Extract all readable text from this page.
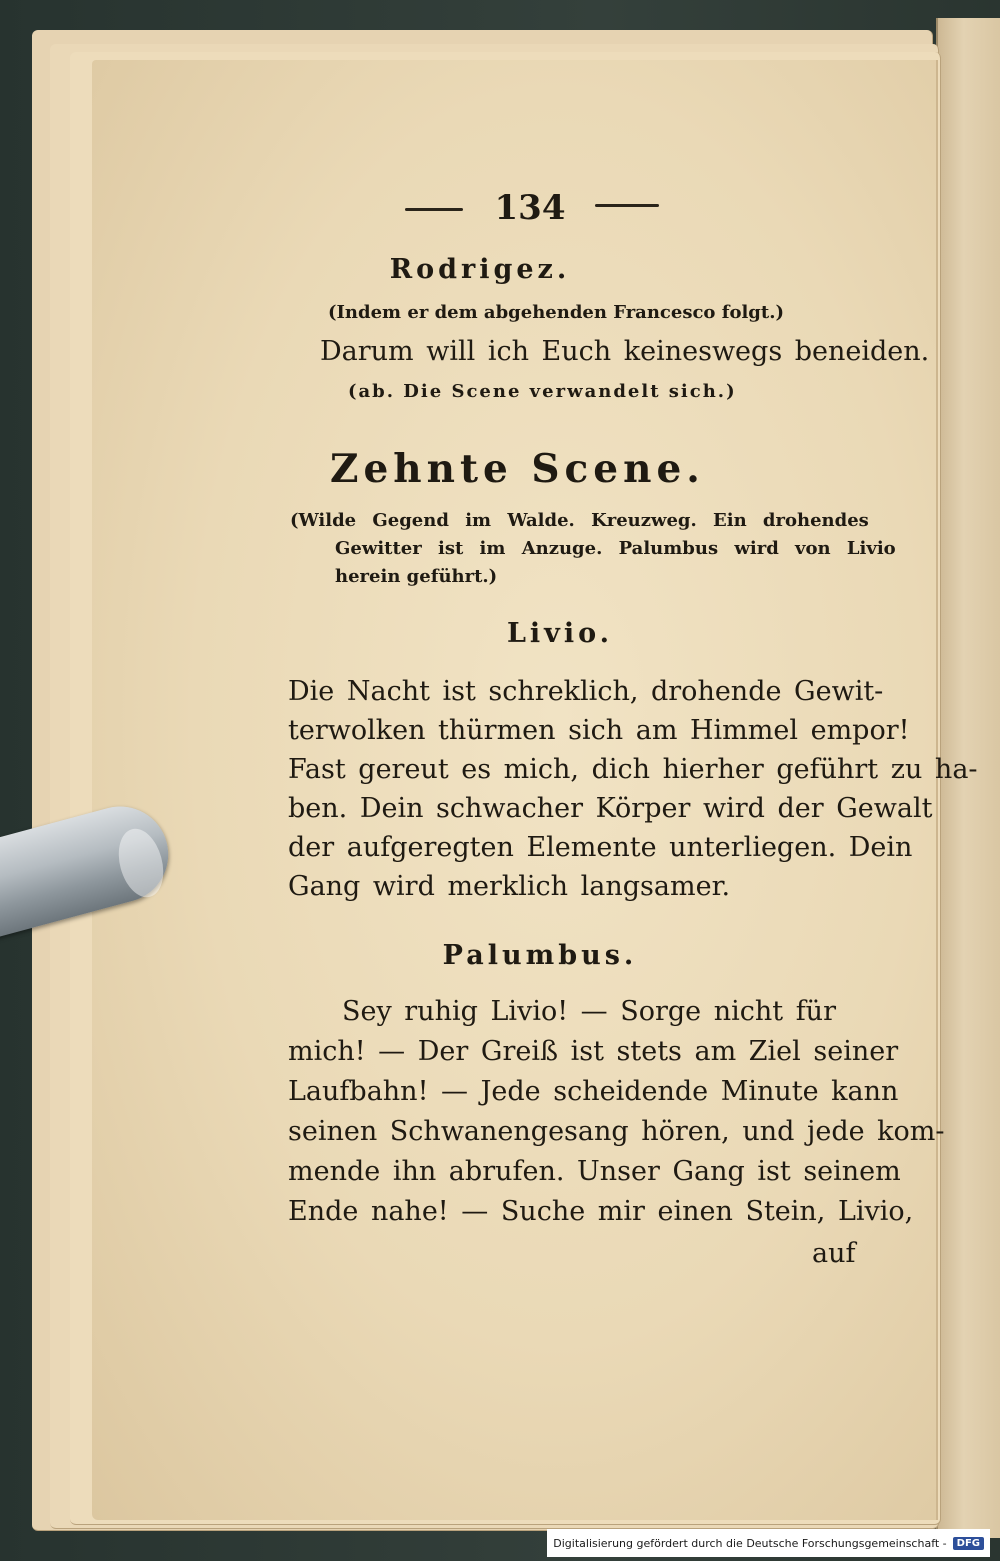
134
Rodrigez.
(Indem er dem abgehenden Francesco folgt.)
Darum will ich Euch keineswegs beneiden.
(ab. Die Scene verwandelt sich.)
Zehnte Scene.
(Wilde Gegend im Walde. Kreuzweg. Ein drohendes
Gewitter ist im Anzuge. Palumbus wird von Livio
herein geführt.)
Livio.
Die Nacht ist schreklich, drohende Gewit-
terwolken thürmen sich am Himmel empor!
Fast gereut es mich, dich hierher geführt zu ha-
ben. Dein schwacher Körper wird der Gewalt
der aufgeregten Elemente unterliegen. Dein
Gang wird merklich langsamer.
Palumbus.
Sey ruhig Livio! — Sorge nicht für
mich! — Der Greiß ist stets am Ziel seiner
Laufbahn! — Jede scheidende Minute kann
seinen Schwanengesang hören, und jede kom-
mende ihn abrufen. Unser Gang ist seinem
Ende nahe! — Suche mir einen Stein, Livio,
auf
Digitalisierung gefördert durch die Deutsche Forschungsgemeinschaft -	DFG
